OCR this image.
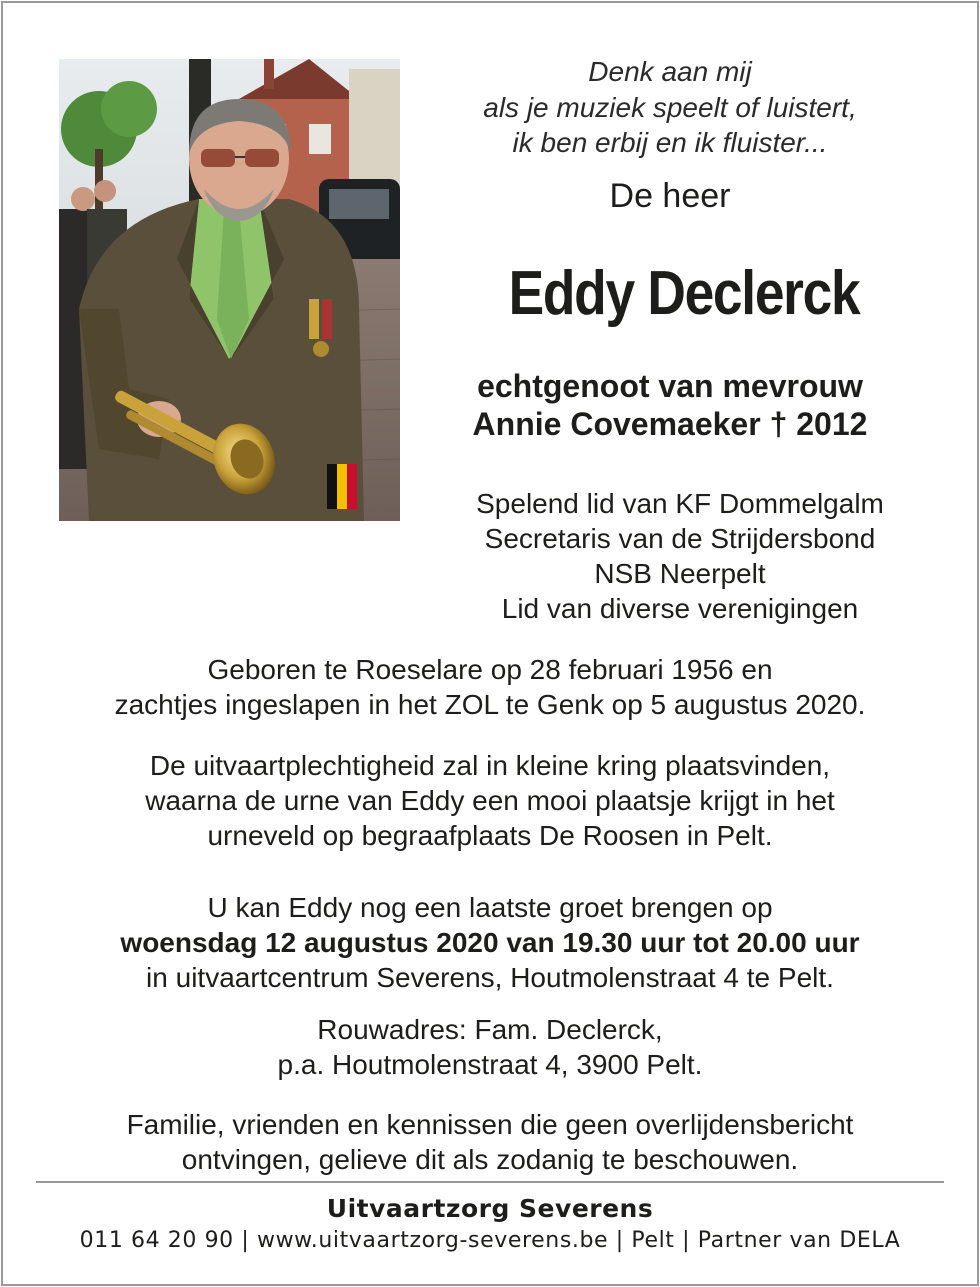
Denk aan mij
als je muziek speelt of luistert,
ik ben erbij en ik fluister...
De heer
Eddy Declerck
echtgenoot van mevrouw
Annie Covemaeker † 2012
Spelend lid van KF Dommelgalm
Secretaris van de Strijdersbond
NSB Neerpelt
Lid van diverse verenigingen
Geboren te Roeselare op 28 februari 1956 en
zachtjes ingeslapen in het ZOL te Genk op 5 augustus 2020.
De uitvaartplechtigheid zal in kleine kring plaatsvinden,
waarna de urne van Eddy een mooi plaatsje krijgt in het
urneveld op begraafplaats De Roosen in Pelt.
U kan Eddy nog een laatste groet brengen op
woensdag 12 augustus 2020 van 19.30 uur tot 20.00 uur
in uitvaartcentrum Severens, Houtmolenstraat 4 te Pelt.
Rouwadres: Fam. Declerck,
p.a. Houtmolenstraat 4, 3900 Pelt.
Familie, vrienden en kennissen die geen overlijdensbericht
ontvingen, gelieve dit als zodanig te beschouwen.
Uitvaartzorg Severens
011 64 20 90 | www.uitvaartzorg-severens.be | Pelt | Partner van DELA
